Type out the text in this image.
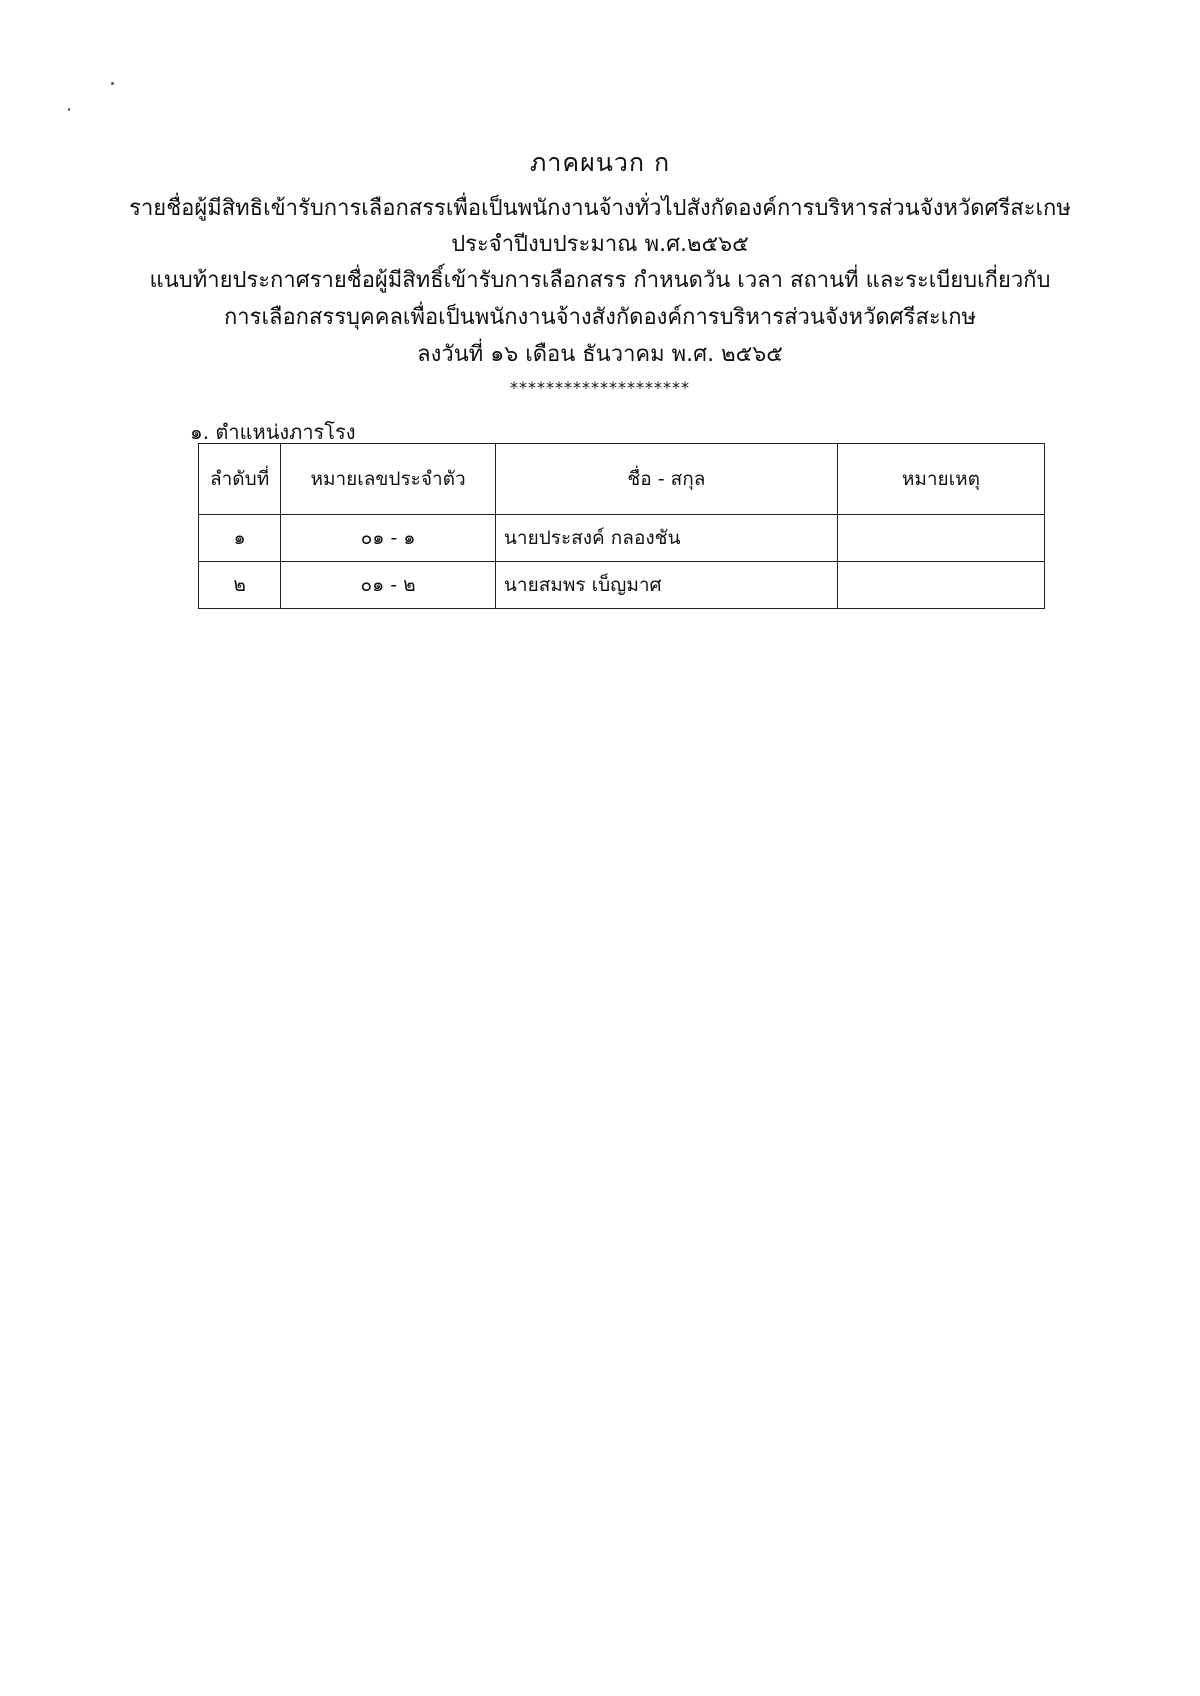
ภาคผนวก ก
รายชื่อผู้มีสิทธิเข้ารับการเลือกสรรเพื่อเป็นพนักงานจ้างทั่วไปสังกัดองค์การบริหารส่วนจังหวัดศรีสะเกษ
ประจำปีงบประมาณ พ.ศ.๒๕๖๕
แนบท้ายประกาศรายชื่อผู้มีสิทธิ์เข้ารับการเลือกสรร กำหนดวัน เวลา สถานที่ และระเบียบเกี่ยวกับ
การเลือกสรรบุคคลเพื่อเป็นพนักงานจ้างสังกัดองค์การบริหารส่วนจังหวัดศรีสะเกษ
ลงวันที่ ๑๖ เดือน ธันวาคม พ.ศ. ๒๕๖๕
********************
๑. ตำแหน่งภารโรง
ลำดับที่	หมายเลขประจำตัว	ชื่อ - สกุล	หมายเหตุ
๑	๐๑ - ๑	นายประสงค์ กลองชัน	
๒	๐๑ - ๒	นายสมพร เบ็ญมาศ	
